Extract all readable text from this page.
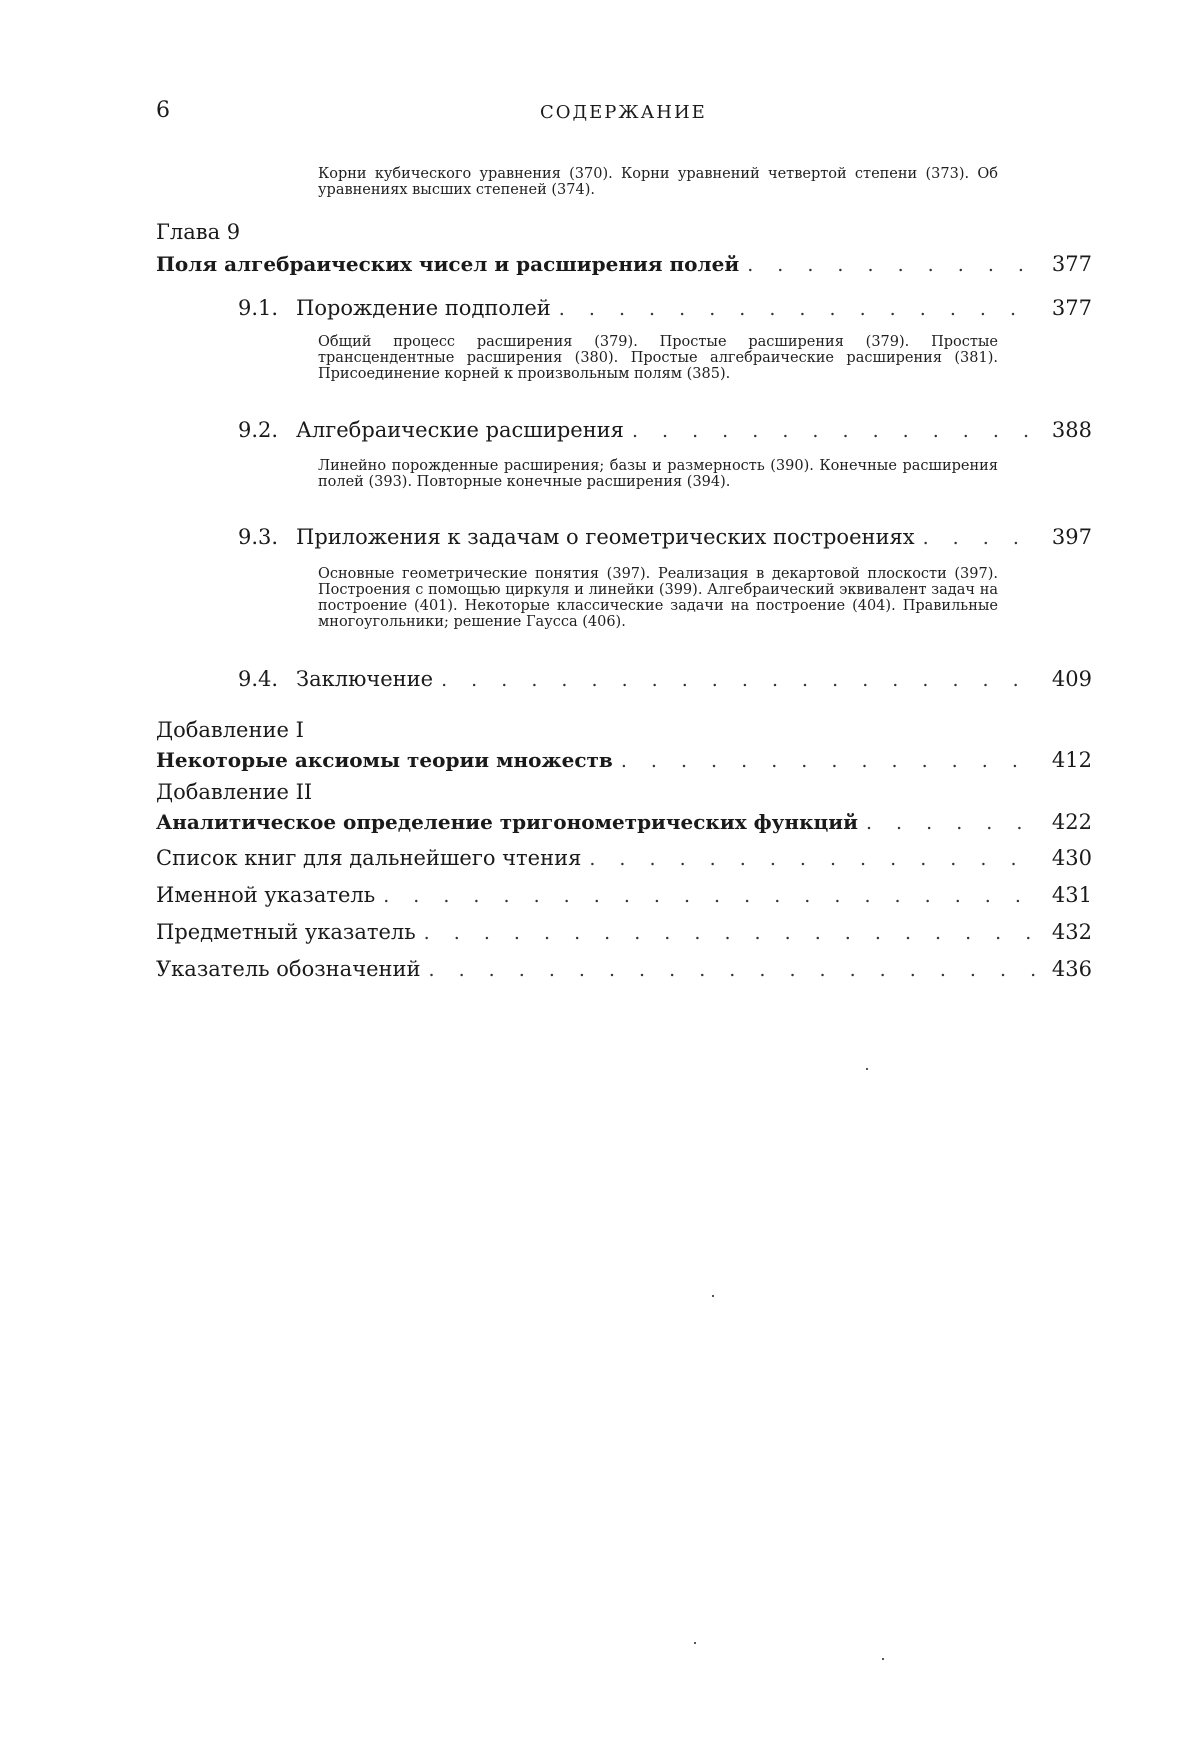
6	СОДЕРЖАНИЕ
Корни кубического уравнения (370). Корни уравнений четвертой степени (373). Об уравнениях высших степеней (374).
Глава 9
Поля алгебраических чисел и расширения полей . . .	377
9.1. Порождение подполей . . .	377
Общий процесс расширения (379). Простые расширения (379). Простые трансцендентные расширения (380). Простые алгебраические расширения (381). Присоединение корней к произвольным полям (385).
9.2. Алгебраические расширения . . .	388
Линейно порожденные расширения; базы и размерность (390). Конечные расширения полей (393). Повторные конечные расширения (394).
9.3. Приложения к задачам о геометрических построениях . . .	397
Основные геометрические понятия (397). Реализация в декартовой плоскости (397). Построения с помощью циркуля и линейки (399). Алгебраический эквивалент задач на построение (401). Некоторые классические задачи на построение (404). Правильные многоугольники; решение Гаусса (406).
9.4. Заключение . . .	409
Добавление I
Некоторые аксиомы теории множеств . . .	412
Добавление II
Аналитическое определение тригонометрических функций . . .	422
Список книг для дальнейшего чтения . . .	430
Именной указатель . . .	431
Предметный указатель . . .	432
Указатель обозначений . . .	436
